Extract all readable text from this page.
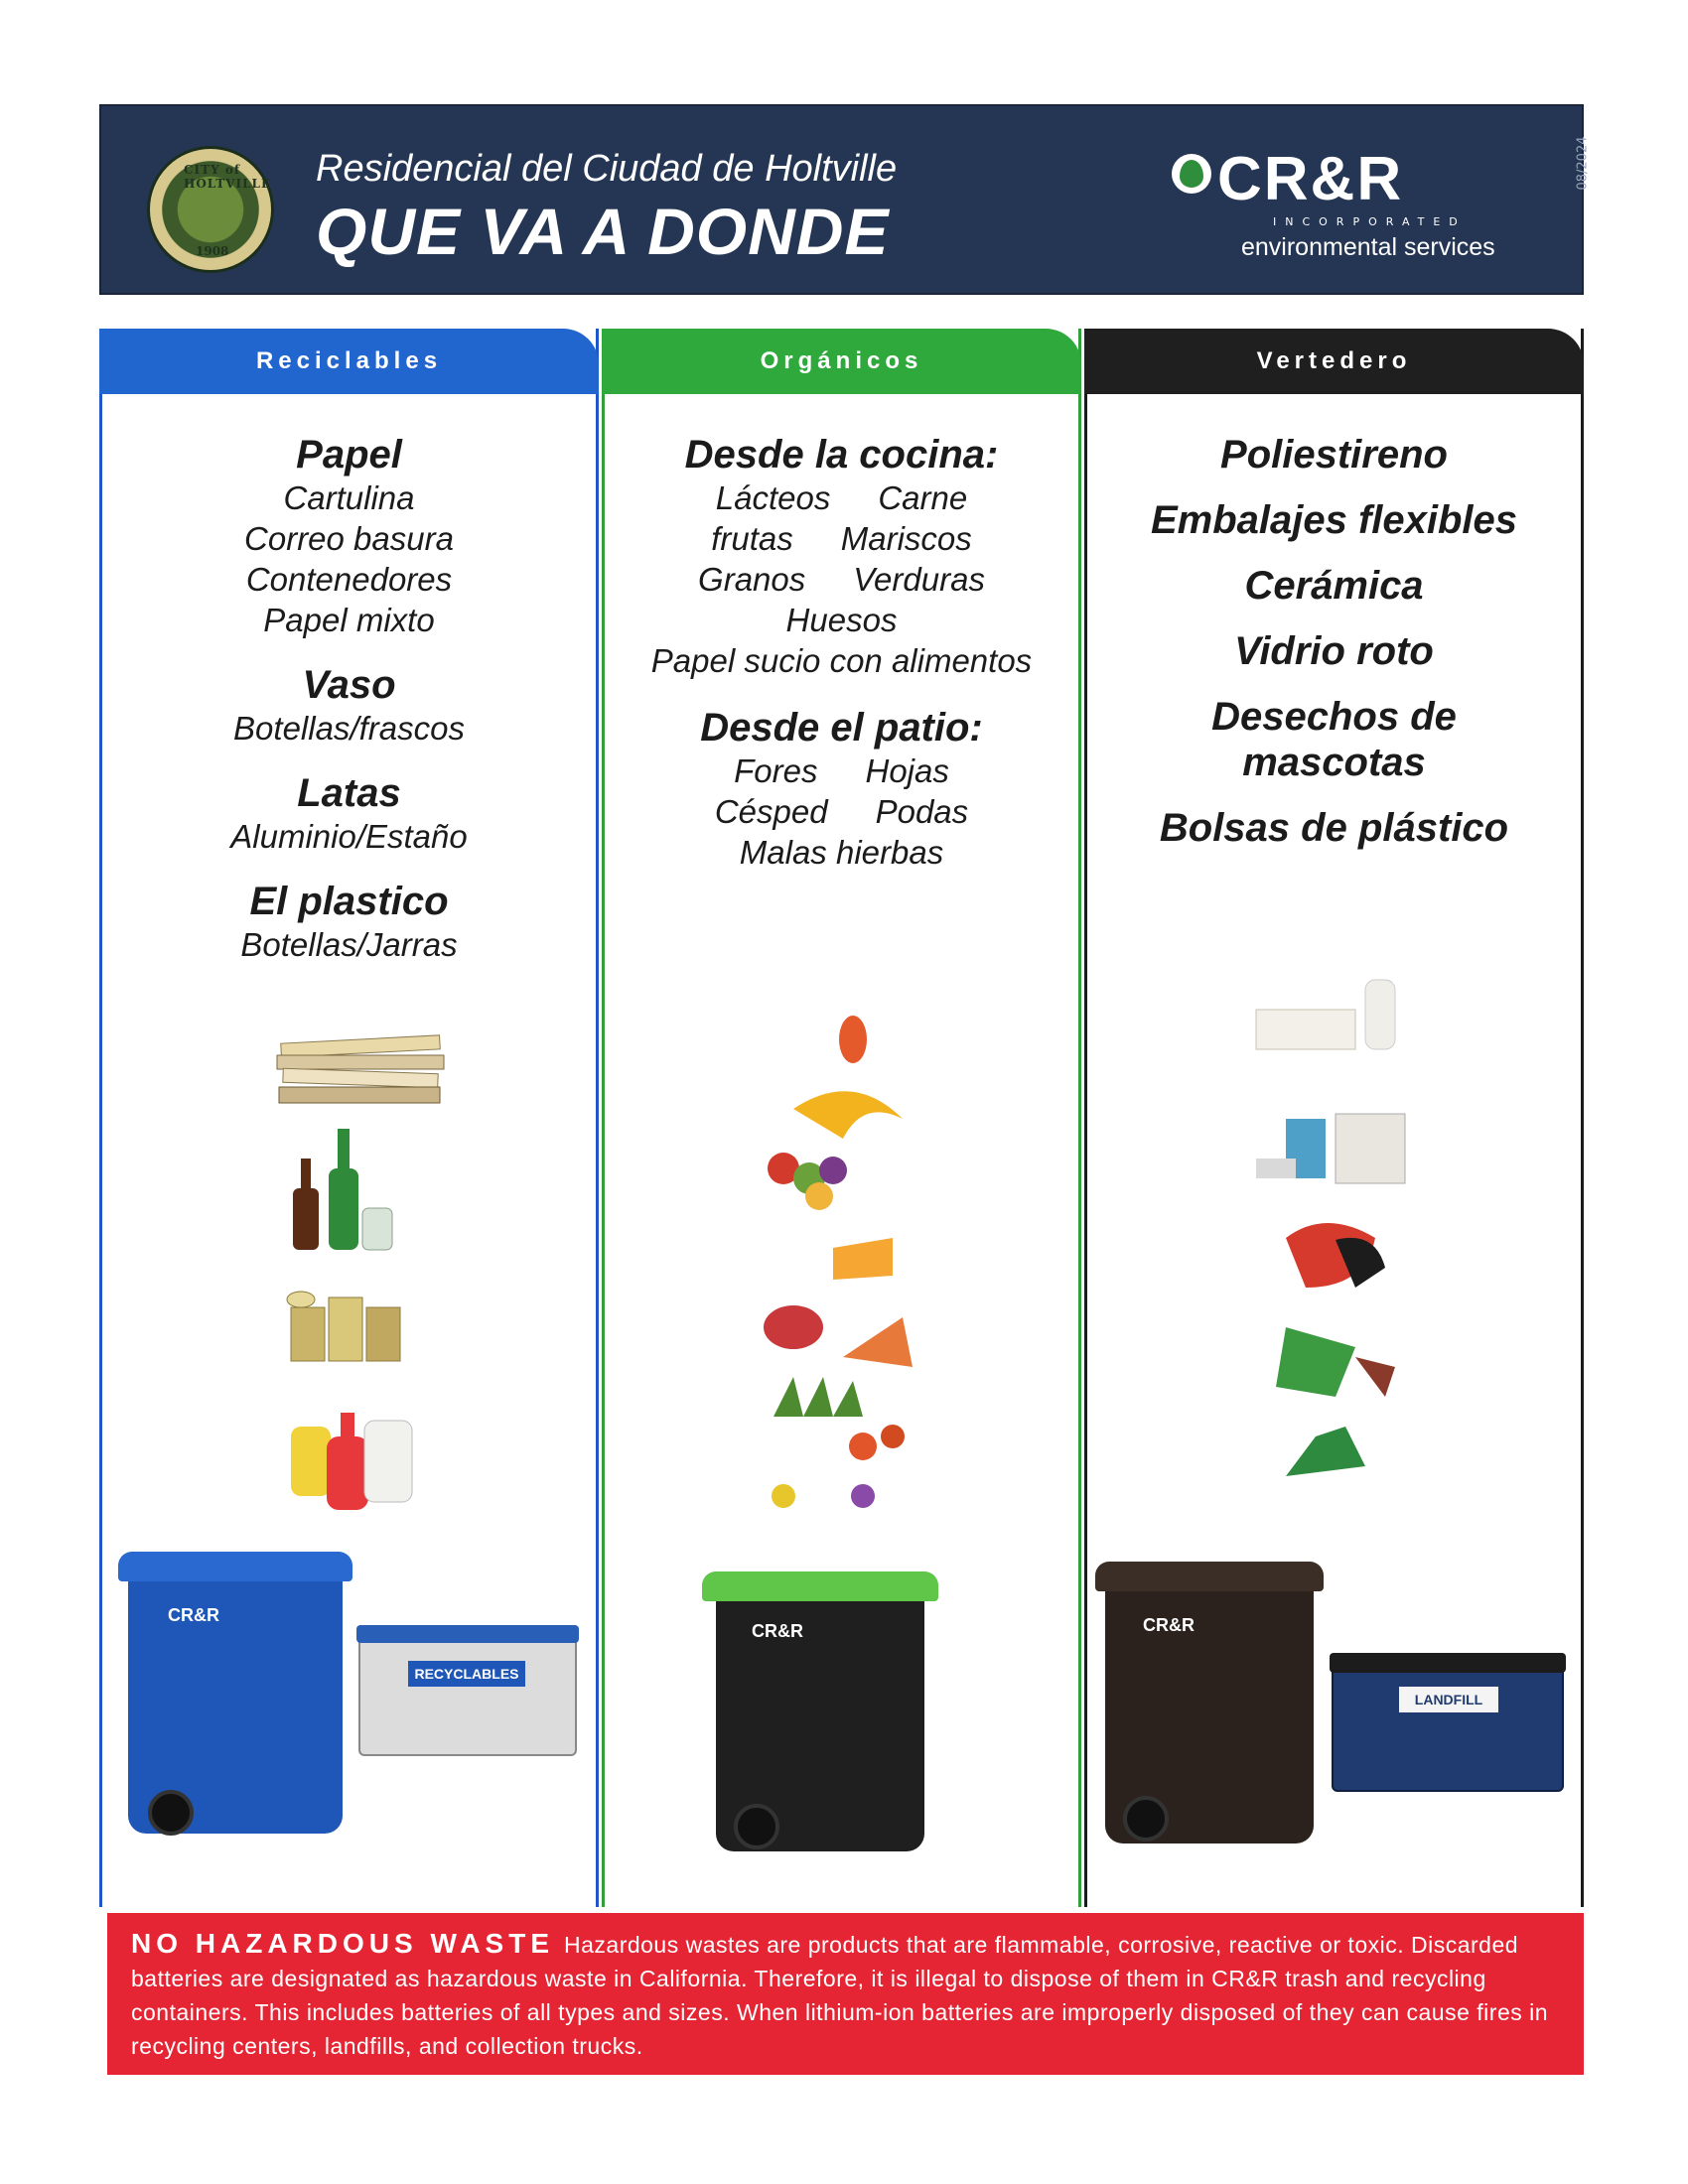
CITY of HOLTVILLE
1908
Residencial del Ciudad de Holtville
QUE VA A DONDE
CR&R
INCORPORATED
environmental services
08/2024
Reciclables

Papel

Cartulina

Correo basura

Contenedores

Papel mixto

Vaso

Botellas/frascos

Latas

Aluminio/Estaño

El plastico

Botellas/Jarras

CR&R
RECYCLABLES
Orgánicos

Desde la cocina:

Lácteos Carne
frutas Mariscos
Granos Verduras

Huesos

Papel sucio con alimentos

Desde el patio:

Fores Hojas
Césped Podas

Malas hierbas

CR&R
Vertedero

Poliestireno

Embalajes flexibles

Cerámica

Vidrio roto

Desechos de mascotas

Bolsas de plástico

CR&R
LANDFILL
NO HAZARDOUS WASTE Hazardous wastes are products that are flammable, corrosive, reactive or toxic. Discarded batteries are designated as hazardous waste in California. Therefore, it is illegal to dispose of them in CR&R trash and recycling containers. This includes batteries of all types and sizes. When lithium-ion batteries are improperly disposed of they can cause fires in recycling centers, landfills, and collection trucks.
